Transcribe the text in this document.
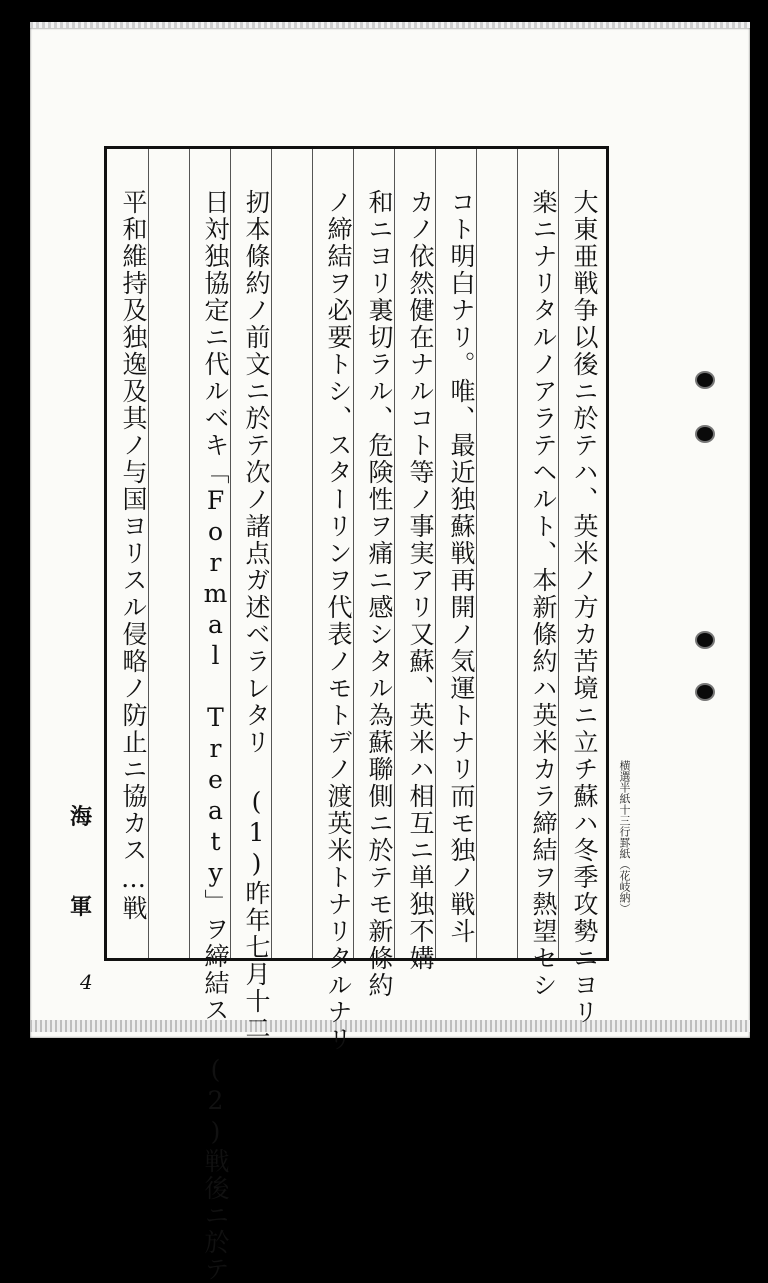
大東亜戦争以後ニ於テハ、英米ノ方カ苦境ニ立チ蘇ハ冬季攻勢ニヨリ
楽ニナリタルノアラテヘルト、本新條約ハ英米カラ締結ヲ熱望セシ
コト明白ナリ。唯、最近独蘇戦再開ノ気運トナリ而モ独ノ戦斗
カノ依然健在ナルコト等ノ事実アリ又蘇、英米ハ相互ニ単独不媾
和ニヨリ裏切ラル、危険性ヲ痛ニ感シタル為蘇聯側ニ於テモ新條約
ノ締結ヲ必要トシ、スターリンヲ代表ノモトデノ渡英米トナリタルナリ
扨本條約ノ前文ニ於テ次ノ諸点ガ述ベラレタリ (1)昨年七月十二
日対独協定ニ代ルベキ「Formal Treaty」ヲ締結ス (2)戦後ニ於テ
平和維持及独逸及其ノ与国ヨリスル侵略ノ防止ニ協カス…戦
海
軍
4
横選半紙十三行罫紙（花岐納）
